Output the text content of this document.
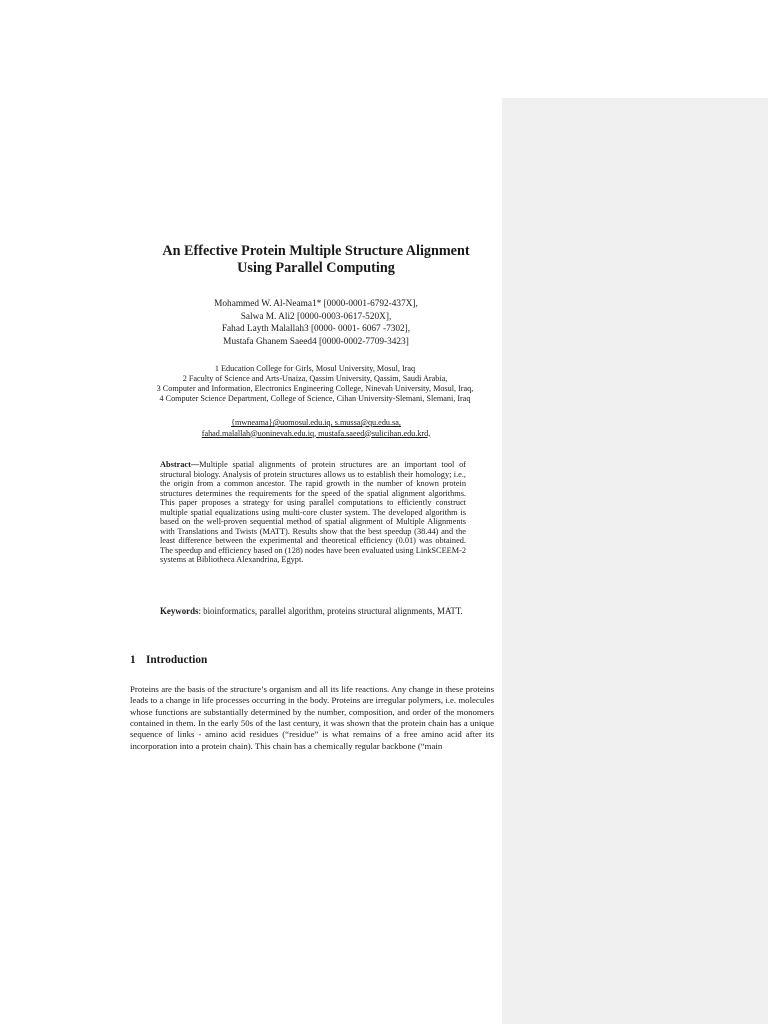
An Effective Protein Multiple Structure Alignment
Using Parallel Computing
Mohammed W. Al-Neama1* [0000-0001-6792-437X],
Salwa M. Ali2 [0000-0003-0617-520X],
Fahad Layth Malallah3 [0000- 0001- 6067 -7302],
Mustafa Ghanem Saeed4 [0000-0002-7709-3423]
1 Education College for Girls, Mosul University, Mosul, Iraq
2 Faculty of Science and Arts-Unaiza, Qassim University, Qassim, Saudi Arabia,
3 Computer and Information, Electronics Engineering College, Ninevah University, Mosul, Iraq,
4 Computer Science Department, College of Science, Cihan University-Slemani, Slemani, Iraq
{mwneama}@uomosul.edu.iq, s.mussa@qu.edu.sa,
fahad.malallah@uoninevah.edu.iq, mustafa.saeed@sulicihan.edu.krd,
Abstract—Multiple spatial alignments of protein structures are an important tool of structural biology. Analysis of protein structures allows us to establish their homology; i.e., the origin from a common ancestor. The rapid growth in the number of known protein structures determines the requirements for the speed of the spatial alignment algorithms. This paper proposes a strategy for using parallel computations to efficiently construct multiple spatial equalizations using multi-core cluster system. The developed algorithm is based on the well-proven sequential method of spatial alignment of Multiple Alignments with Translations and Twists (MATT). Results show that the best speedup (38.44) and the least difference between the experimental and theoretical efficiency (0.01) was obtained. The speedup and efficiency based on (128) nodes have been evaluated using LinkSCEEM-2 systems at Bibliotheca Alexandrina, Egypt.
Keywords: bioinformatics, parallel algorithm, proteins structural alignments, MATT.
1 Introduction
Proteins are the basis of the structure’s organism and all its life reactions. Any change in these proteins leads to a change in life processes occurring in the body. Proteins are irregular polymers, i.e. molecules whose functions are substantially determined by the number, composition, and order of the monomers contained in them. In the early 50s of the last century, it was shown that the protein chain has a unique sequence of links - amino acid residues (“residue” is what remains of a free amino acid after its incorporation into a protein chain). This chain has a chemically regular backbone (“main
